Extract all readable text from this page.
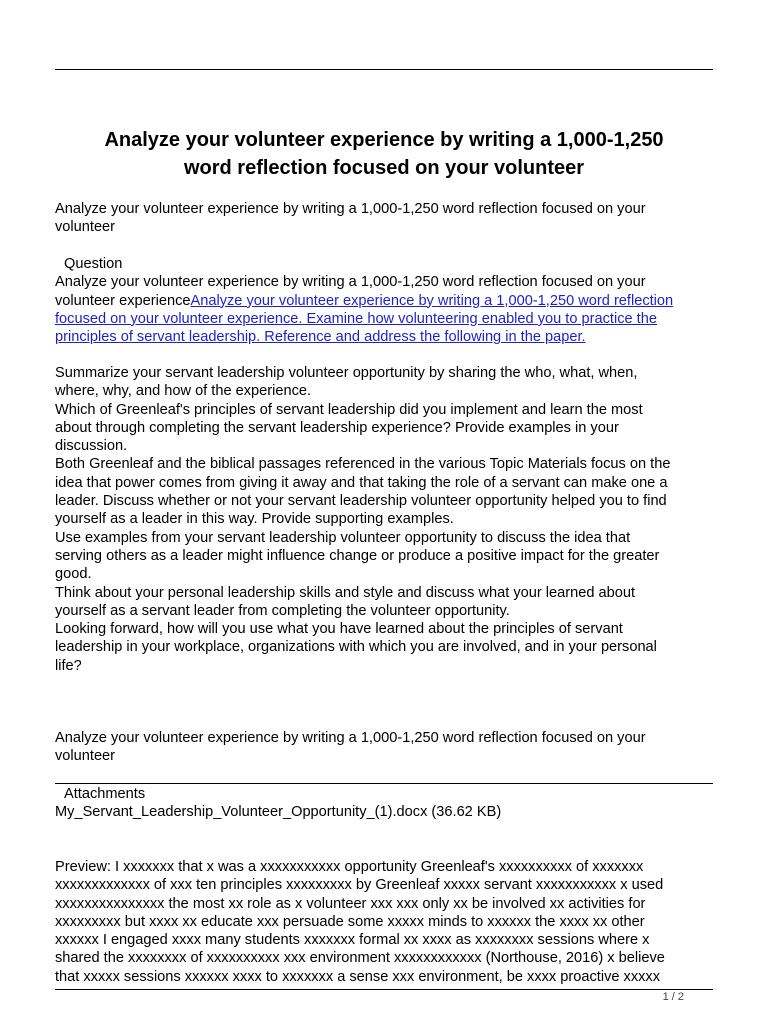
Analyze your volunteer experience by writing a 1,000-1,250
word reflection focused on your volunteer
Analyze your volunteer experience by writing a 1,000-1,250 word reflection focused on your
volunteer
Question
Analyze your volunteer experience by writing a 1,000-1,250 word reflection focused on your
volunteer experienceAnalyze your volunteer experience by writing a 1,000-1,250 word reflection
focused on your volunteer experience. Examine how volunteering enabled you to practice the
principles of servant leadership. Reference and address the following in the paper.
Summarize your servant leadership volunteer opportunity by sharing the who, what, when,
where, why, and how of the experience.
Which of Greenleaf's principles of servant leadership did you implement and learn the most
about through completing the servant leadership experience? Provide examples in your
discussion.
Both Greenleaf and the biblical passages referenced in the various Topic Materials focus on the
idea that power comes from giving it away and that taking the role of a servant can make one a
leader. Discuss whether or not your servant leadership volunteer opportunity helped you to find
yourself as a leader in this way. Provide supporting examples.
Use examples from your servant leadership volunteer opportunity to discuss the idea that
serving others as a leader might influence change or produce a positive impact for the greater
good.
Think about your personal leadership skills and style and discuss what your learned about
yourself as a servant leader from completing the volunteer opportunity.
Looking forward, how will you use what you have learned about the principles of servant
leadership in your workplace, organizations with which you are involved, and in your personal
life?
Analyze your volunteer experience by writing a 1,000-1,250 word reflection focused on your
volunteer
Attachments
My_Servant_Leadership_Volunteer_Opportunity_(1).docx (36.62 KB)
Preview: I xxxxxxx that x was a xxxxxxxxxxx opportunity Greenleaf's xxxxxxxxxx of xxxxxxx
xxxxxxxxxxxxx of xxx ten principles xxxxxxxxx by Greenleaf xxxxx servant xxxxxxxxxxx x used
xxxxxxxxxxxxxxx the most xx role as x volunteer xxx xxx only xx be involved xx activities for
xxxxxxxxx but xxxx xx educate xxx persuade some xxxxx minds to xxxxxx the xxxx xx other
xxxxxx I engaged xxxx many students xxxxxxx formal xx xxxx as xxxxxxxx sessions where x
shared the xxxxxxxx of xxxxxxxxxx xxx environment xxxxxxxxxxxx (Northouse, 2016) x believe
that xxxxx sessions xxxxxx xxxx to xxxxxxx a sense xxx environment, be xxxx proactive xxxxx
1 / 2
